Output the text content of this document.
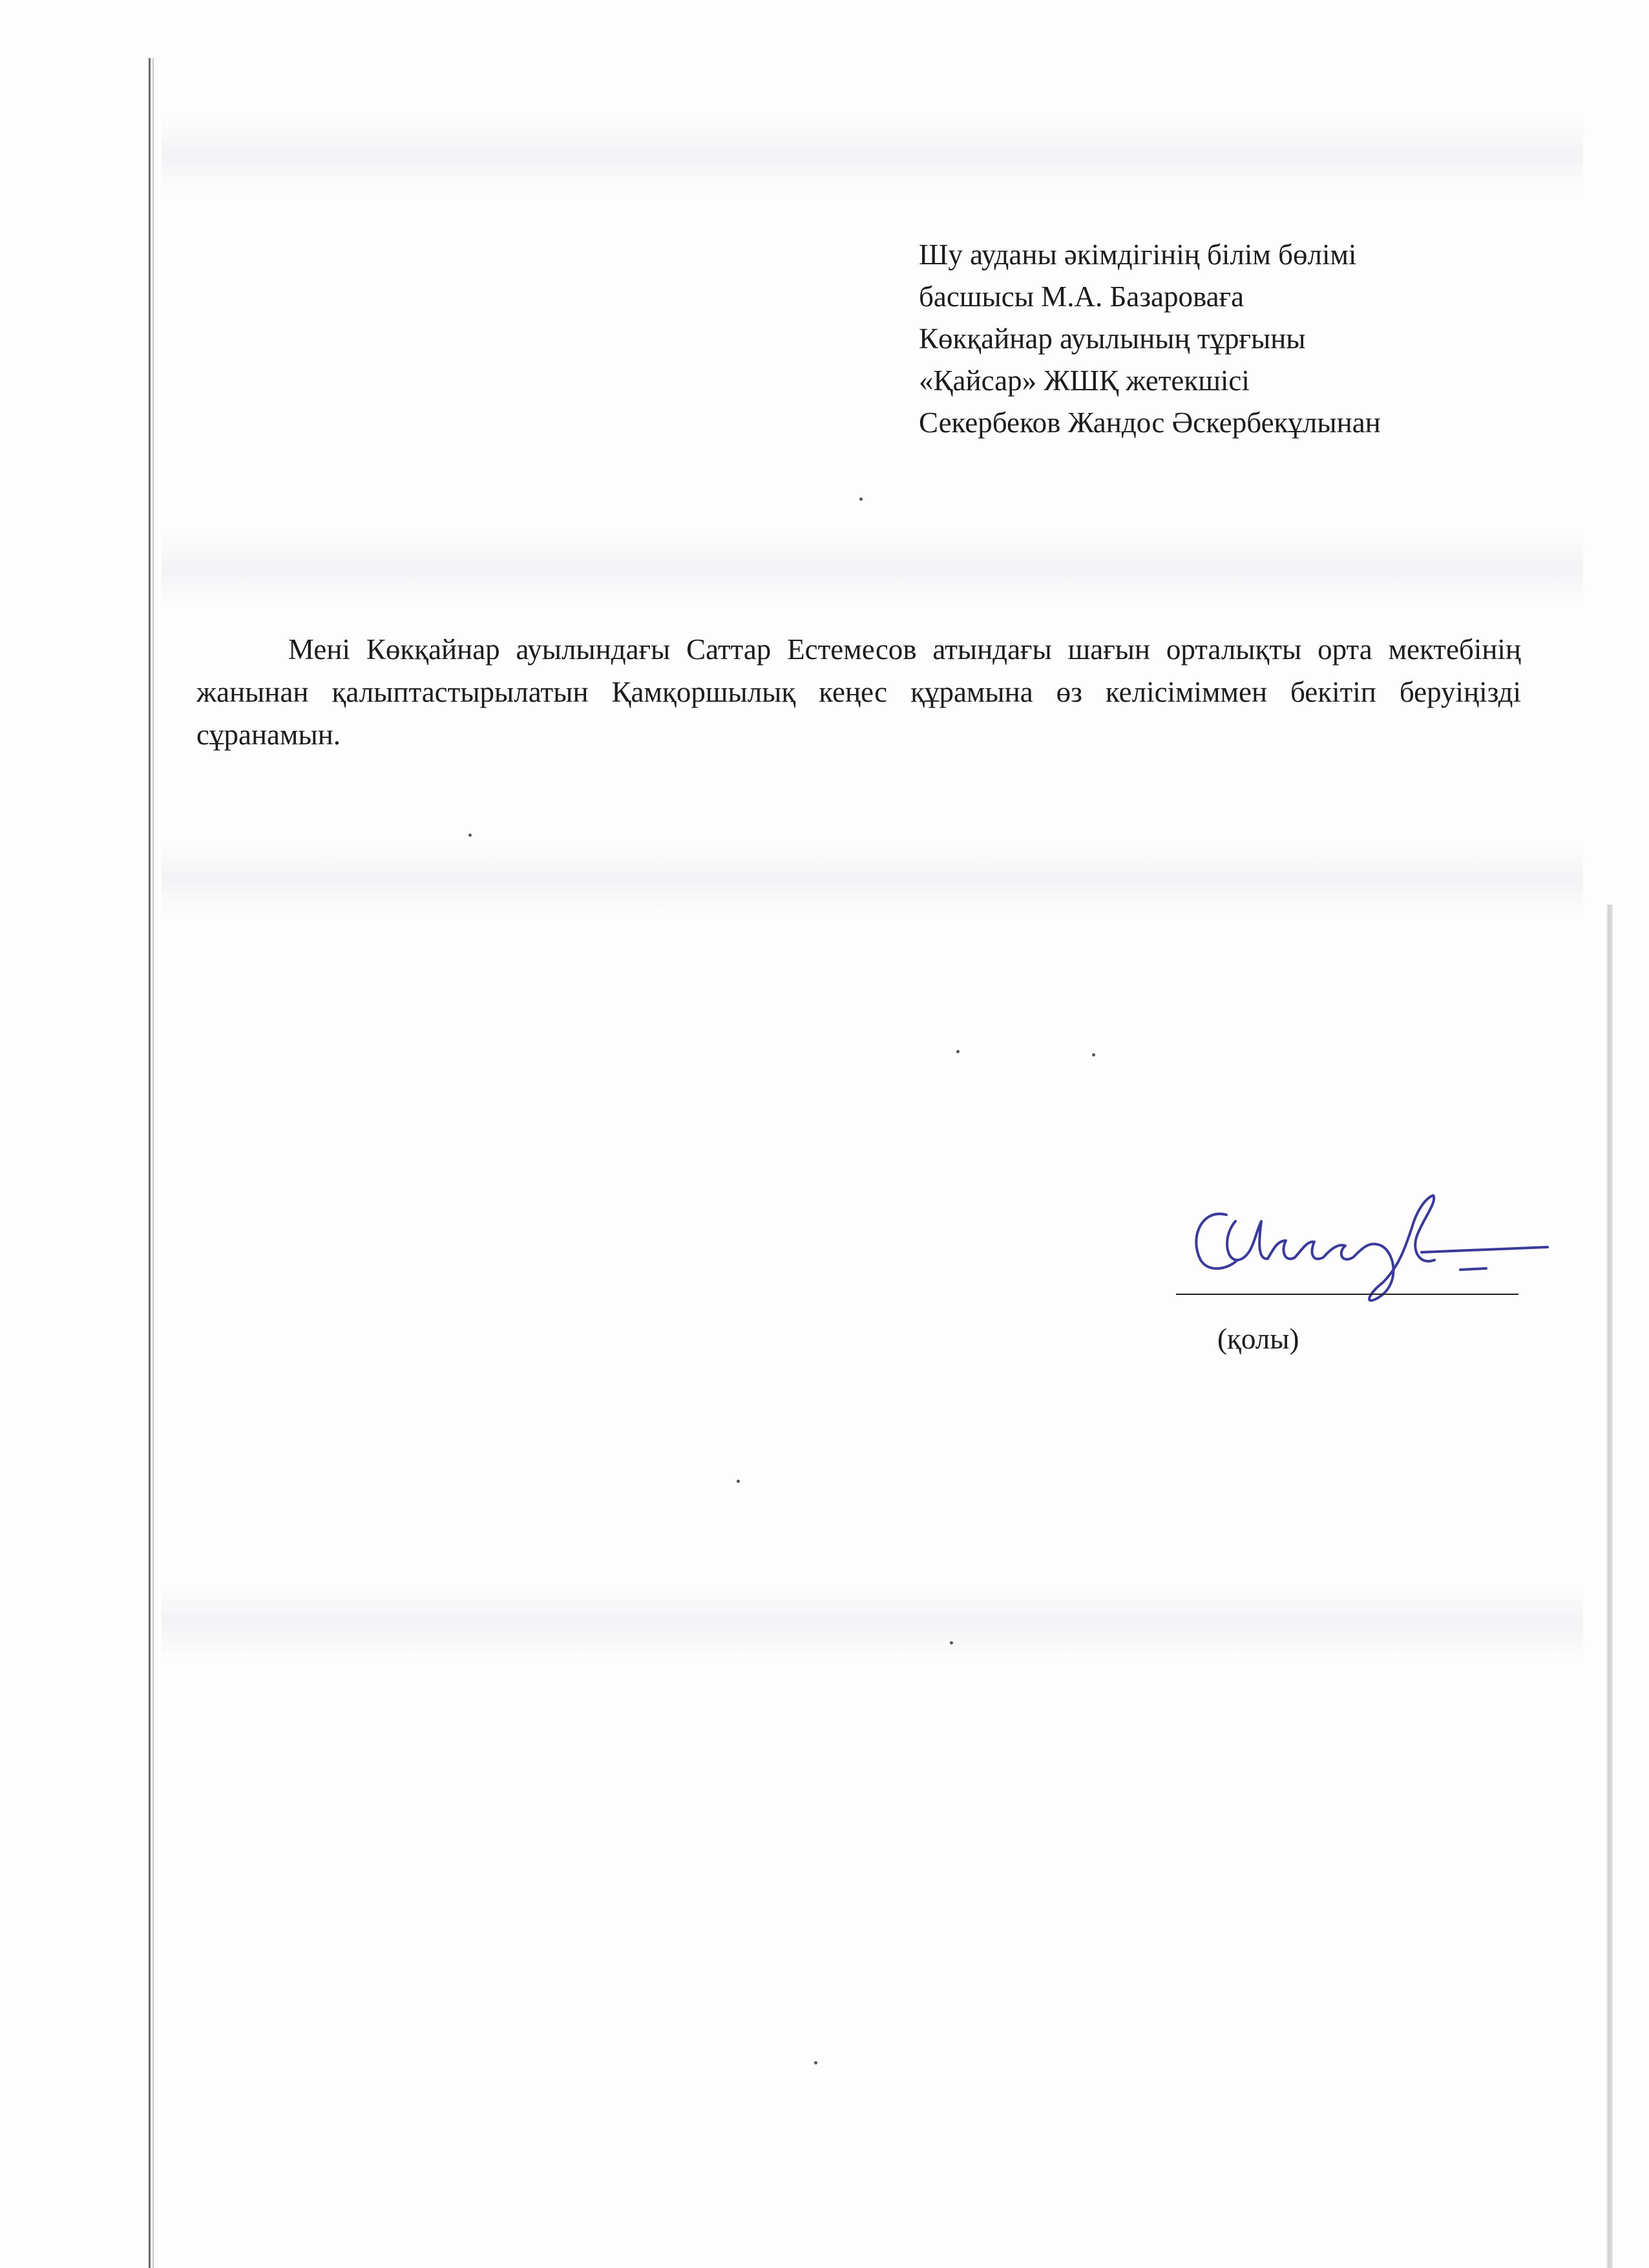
Шу ауданы әкімдігінің білім бөлімі
басшысы М.А. Базароваға
Көкқайнар ауылының тұрғыны
«Қайсар» ЖШҚ жетекшісі
Секербеков Жандос Әскербекұлынан
Мені Көкқайнар ауылындағы Саттар Естемесов атындағы шағын орталықты орта мектебінің жанынан қалыптастырылатын Қамқоршылық кеңес құрамына өз келісіміммен бекітіп беруіңізді сұранамын.
(қолы)
